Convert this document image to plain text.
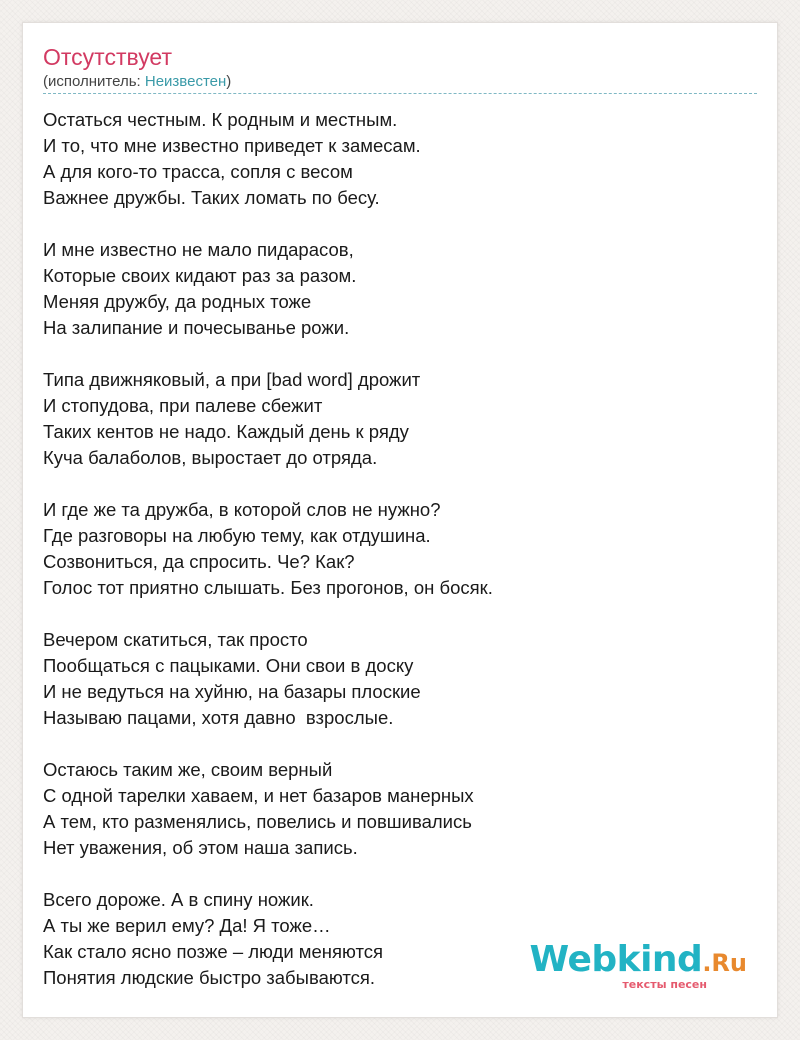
Отсутствует
(исполнитель: Неизвестен)
Остаться честным. К родным и местным.
И то, что мне известно приведет к замесам.
А для кого-то трасса, сопля с весом
Важнее дружбы. Таких ломать по бесу.
И мне известно не мало пидарасов,
Которые своих кидают раз за разом.
Меняя дружбу, да родных тоже
На залипание и почесыванье рожи.
Типа движняковый, а при [bad word] дрожит
И стопудова, при палеве сбежит
Таких кентов не надо. Каждый день к ряду
Куча балаболов, выростает до отряда.
И где же та дружба, в которой слов не нужно?
Где разговоры на любую тему, как отдушина.
Созвониться, да спросить. Че? Как?
Голос тот приятно слышать. Без прогонов, он босяк.
Вечером скатиться, так просто
Пообщаться с пацыками. Они свои в доску
И не ведуться на хуйню, на базары плоские
Называю пацами, хотя давно  взрослые.
Остаюсь таким же, своим верный
С одной тарелки хаваем, и нет базаров манерных
А тем, кто разменялись, повелись и повшивались
Нет уважения, об этом наша запись.
Всего дороже. А в спину ножик.
А ты же верил ему? Да! Я тоже…
Как стало ясно позже – люди меняются
Понятия людские быстро забываются.	Webkind.Ru
тексты песен
